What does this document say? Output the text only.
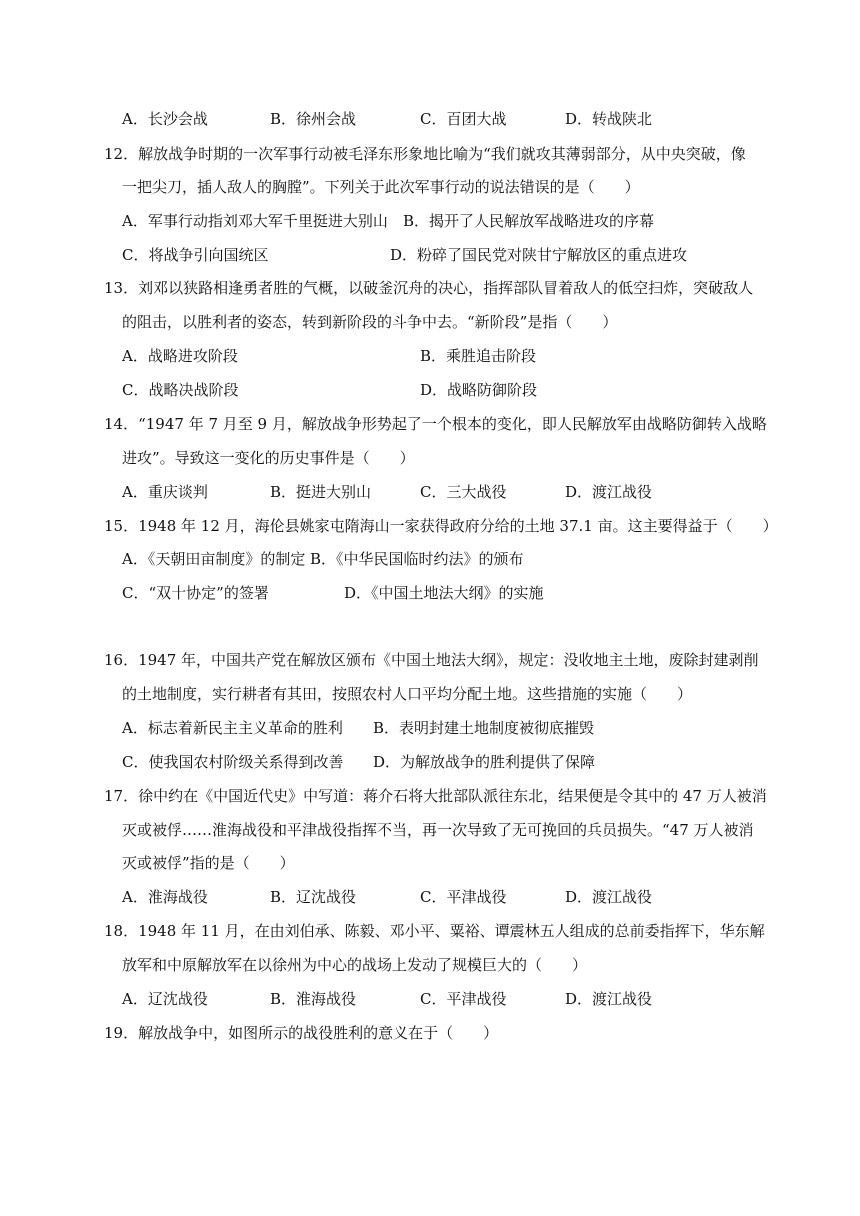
A．长沙会战	B．徐州会战	C．百团大战	D．转战陕北
12．解放战争时期的一次军事行动被毛泽东形象地比喻为“我们就攻其薄弱部分，从中央突破，像
一把尖刀，插人敌人的胸膛”。下列关于此次军事行动的说法错误的是（　　）
A．军事行动指刘邓大军千里挺进大别山 B．揭开了人民解放军战略进攻的序幕
C．将战争引向国统区	D．粉碎了国民党对陕甘宁解放区的重点进攻
13．刘邓以狭路相逢勇者胜的气概，以破釜沉舟的决心，指挥部队冒着敌人的低空扫炸，突破敌人
的阻击，以胜利者的姿态，转到新阶段的斗争中去。“新阶段”是指（　　）
A．战略进攻阶段	B．乘胜追击阶段
C．战略决战阶段	D．战略防御阶段
14．“1947 年 7 月至 9 月，解放战争形势起了一个根本的变化，即人民解放军由战略防御转入战略
进攻”。导致这一变化的历史事件是（　　）
A．重庆谈判	B．挺进大别山	C．三大战役	D．渡江战役
15．1948 年 12 月，海伦县姚家屯隋海山一家获得政府分给的土地 37.1 亩。这主要得益于（　　）
A．《天朝田亩制度》的制定 B．《中华民国临时约法》的颁布
C．“双十协定”的签署	D．《中国土地法大纲》的实施
16．1947 年，中国共产党在解放区颁布《中国土地法大纲》，规定：没收地主土地，废除封建剥削
的土地制度，实行耕者有其田，按照农村人口平均分配土地。这些措施的实施（　　）
A．标志着新民主主义革命的胜利 B．表明封建土地制度被彻底摧毁
17．徐中约在《中国近代史》中写道：蒋介石将大批部队派往东北，结果便是令其中的 47 万人被消
灭或被俘……淮海战役和平津战役指挥不当，再一次导致了无可挽回的兵员损失。“47 万人被消
灭或被俘”指的是（　　）
A．淮海战役	B．辽沈战役	C．平津战役	D．渡江战役
18．1948 年 11 月，在由刘伯承、陈毅、邓小平、粟裕、谭震林五人组成的总前委指挥下，华东解
放军和中原解放军在以徐州为中心的战场上发动了规模巨大的（　　）
A．辽沈战役	B．淮海战役	C．平津战役	D．渡江战役
19．解放战争中，如图所示的战役胜利的意义在于（　　）
C．使我国农村阶级关系得到改善 D．为解放战争的胜利提供了保障
